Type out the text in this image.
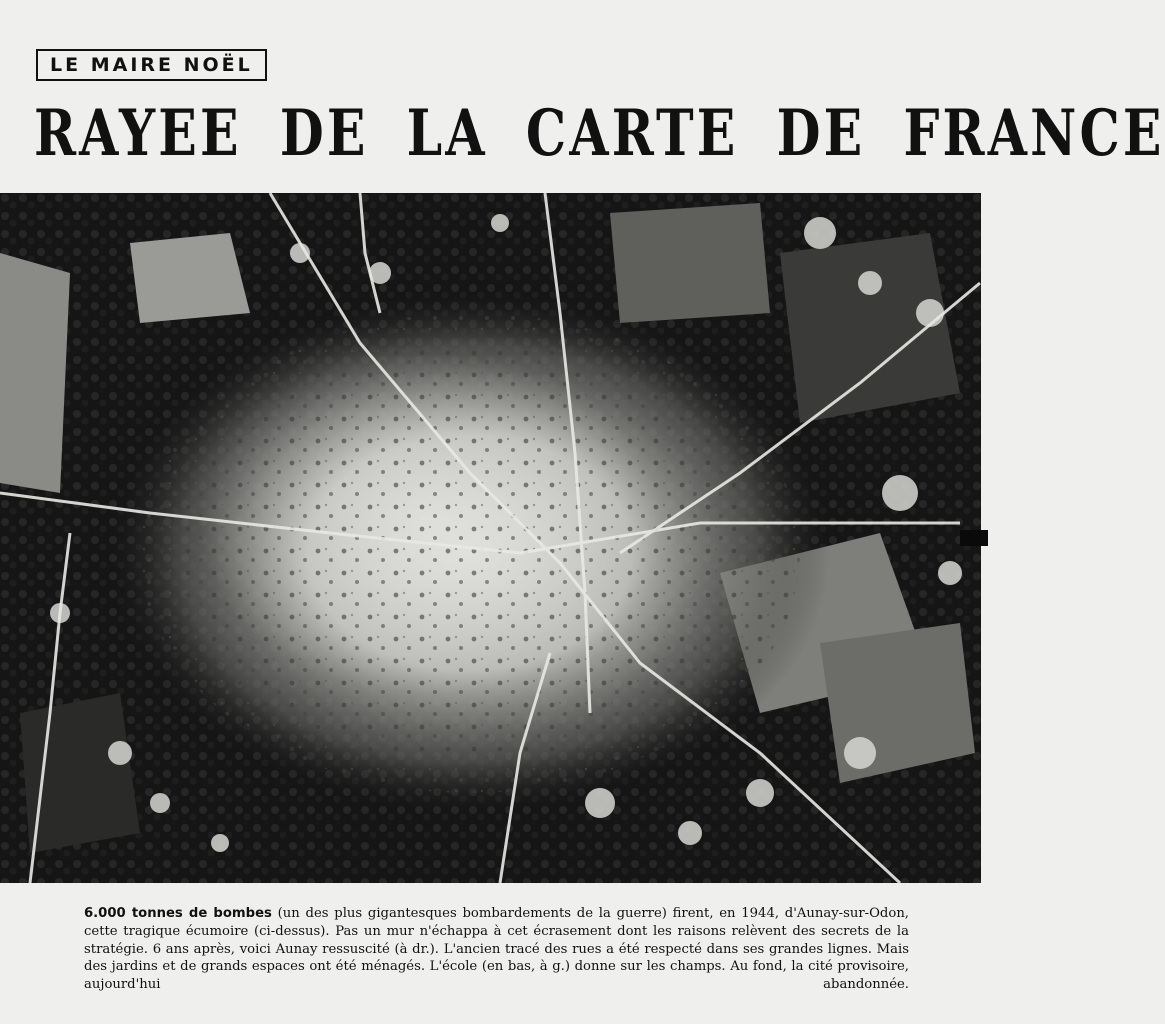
LE MAIRE NOËL
RAYEE DE LA CARTE DE FRANCE

6.000 tonnes de bombes (un des plus gigantesques bombardements de la guerre) firent, en 1944, d'Aunay-sur-Odon, cette tragique écumoire (ci-dessus). Pas un mur n'échappa à cet écrasement dont les raisons relèvent des secrets de la stratégie. 6 ans après, voici Aunay ressuscité (à dr.). L'ancien tracé des rues a été respecté dans ses grandes lignes. Mais des jardins et de grands espaces ont été ménagés. L'école (en bas, à g.) donne sur les champs. Au fond, la cité provisoire, aujourd'hui abandonnée.
